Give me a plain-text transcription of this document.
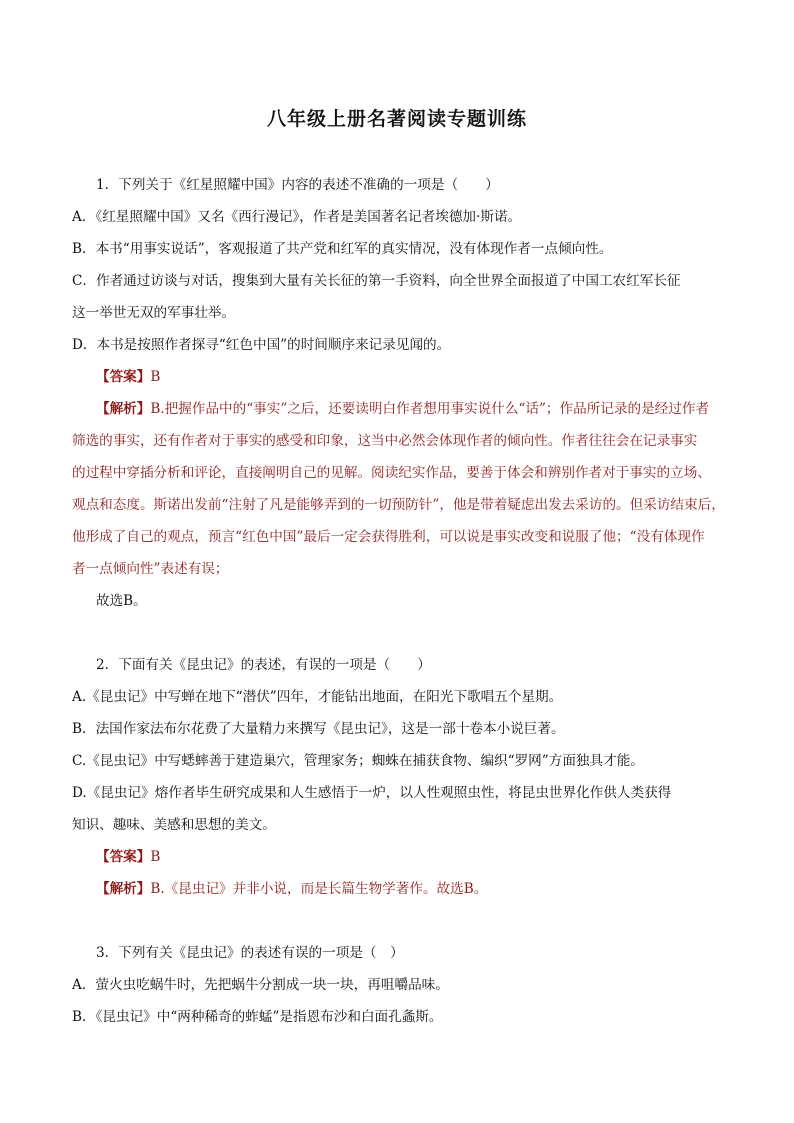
八年级上册名著阅读专题训练
1．下列关于《红星照耀中国》内容的表述不准确的一项是（　　）
A．《红星照耀中国》又名《西行漫记》，作者是美国著名记者埃德加·斯诺。
B．本书“用事实说话”，客观报道了共产党和红军的真实情况，没有体现作者一点倾向性。
C．作者通过访谈与对话，搜集到大量有关长征的第一手资料，向全世界全面报道了中国工农红军长征
这一举世无双的军事壮举。
D．本书是按照作者探寻“红色中国”的时间顺序来记录见闻的。
【答案】B
【解析】B.把握作品中的“事实”之后，还要读明白作者想用事实说什么“话”；作品所记录的是经过作者
筛选的事实，还有作者对于事实的感受和印象，这当中必然会体现作者的倾向性。作者往往会在记录事实
的过程中穿插分析和评论，直接阐明自己的见解。阅读纪实作品，要善于体会和辨别作者对于事实的立场、
观点和态度。斯诺出发前“注射了凡是能够弄到的一切预防针”，他是带着疑虑出发去采访的。但采访结束后，
他形成了自己的观点，预言“红色中国”最后一定会获得胜利，可以说是事实改变和说服了他；“没有体现作
者一点倾向性”表述有误；
故选B。
2．下面有关《昆虫记》的表述，有误的一项是（　　）
A.《昆虫记》中写蝉在地下“潜伏”四年，才能钻出地面，在阳光下歌唱五个星期。
B．法国作家法布尔花费了大量精力来撰写《昆虫记》，这是一部十卷本小说巨著。
C.《昆虫记》中写蟋蟀善于建造巢穴，管理家务；蜘蛛在捕获食物、编织“罗网”方面独具才能。
D.《昆虫记》熔作者毕生研究成果和人生感悟于一炉，以人性观照虫性，将昆虫世界化作供人类获得
知识、趣味、美感和思想的美文。
【答案】B
【解析】B.《昆虫记》并非小说，而是长篇生物学著作。故选B。
3．下列有关《昆虫记》的表述有误的一项是（　）
A．萤火虫吃蜗牛时，先把蜗牛分割成一块一块，再咀嚼品味。
B．《昆虫记》中“两种稀奇的蚱蜢”是指恩布沙和白面孔螽斯。
